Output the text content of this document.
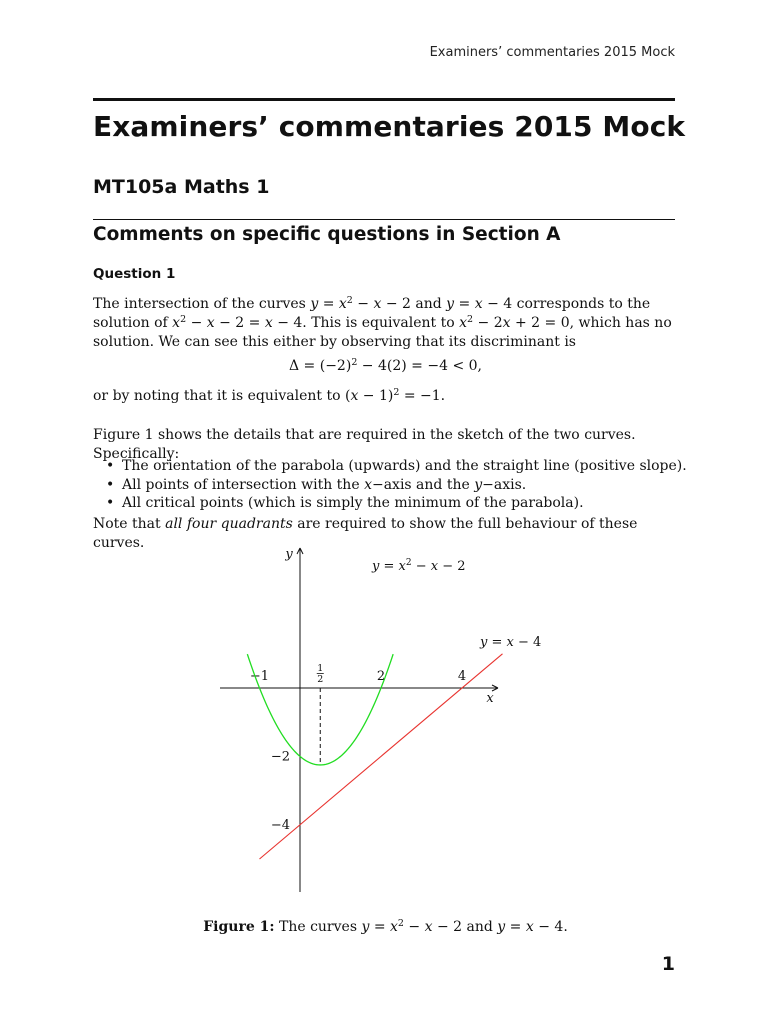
Examiners’ commentaries 2015 Mock
Examiners’ commentaries 2015 Mock
MT105a Maths 1
Comments on specific questions in Section A
Question 1

The intersection of the curves $y = x^2 - x - 2$ and y = x − 4 corresponds to the solution of $x^2 - x - 2 = x - 4$. This is equivalent to $x^2 - 2x + 2 = 0$, which has no solution. We can see this either by observing that its discriminant is

$\Delta = (-2)^2 - 4(2) = -4 < 0$,

or by noting that it is equivalent to $(x - 1)^2 = -1$.

Figure 1 shows the details that are required in the sketch of the two curves. Specifically:

• The orientation of the parabola (upwards) and the straight line (positive slope).
• All points of intersection with the x−axis and the y−axis.
• All critical points (which is simply the minimum of the parabola).

Note that all four quadrants are required to show the full behaviour of these curves.

x
y
−1
1
2	2	4
−2
−4
$y = x^2 - x - 2$
y = x − 4
Figure 1: The curves $y = x^2 - x - 2$ and y = x − 4.
1
